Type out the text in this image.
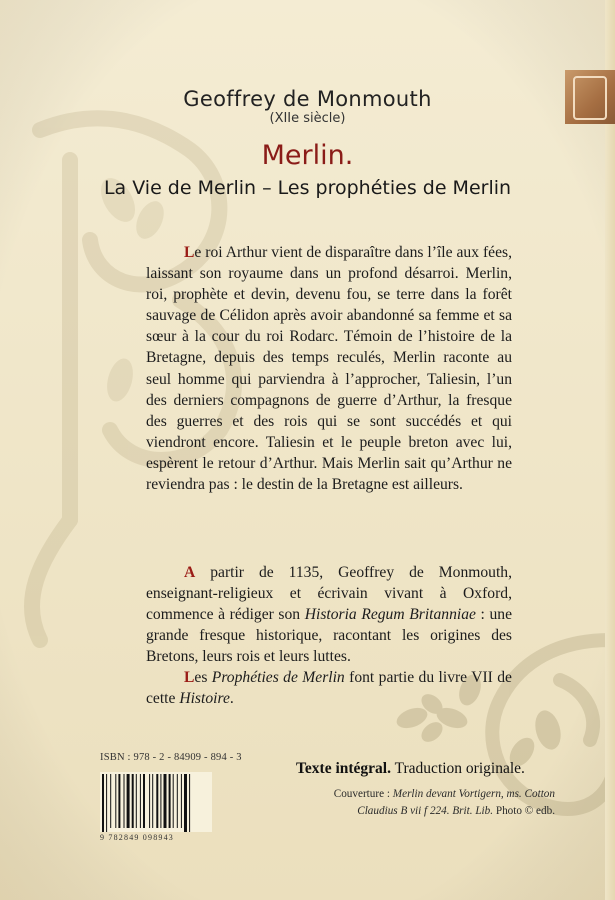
Geoffrey de Monmouth
(XIIe siècle)
Merlin.
La Vie de Merlin – Les prophéties de Merlin
Le roi Arthur vient de disparaître dans l’île aux fées, laissant son royaume dans un profond désarroi. Merlin, roi, prophète et devin, devenu fou, se terre dans la forêt sauvage de Célidon après avoir abandonné sa femme et sa sœur à la cour du roi Rodarc. Témoin de l’histoire de la Bretagne, depuis des temps reculés, Merlin raconte au seul homme qui parviendra à l’approcher, Taliesin, l’un des derniers compagnons de guerre d’Arthur, la fresque des guerres et des rois qui se sont succédés et qui viendront encore. Taliesin et le peuple breton avec lui, espèrent le retour d’Arthur. Mais Merlin sait qu’Arthur ne reviendra pas : le destin de la Bretagne est ailleurs.
A partir de 1135, Geoffrey de Monmouth, enseignant-religieux et écrivain vivant à Oxford, commence à rédiger son Historia Regum Britanniae : une grande fresque historique, racontant les origines des Bretons, leurs rois et leurs luttes.
Les Prophéties de Merlin font partie du livre VII de cette Histoire.
ISBN : 978 - 2 - 84909 - 894 - 3
9 782849 098943
Texte intégral. Traduction originale.
Couverture : Merlin devant Vortigern, ms. Cotton Claudius B vii f 224. Brit. Lib. Photo © edb.
